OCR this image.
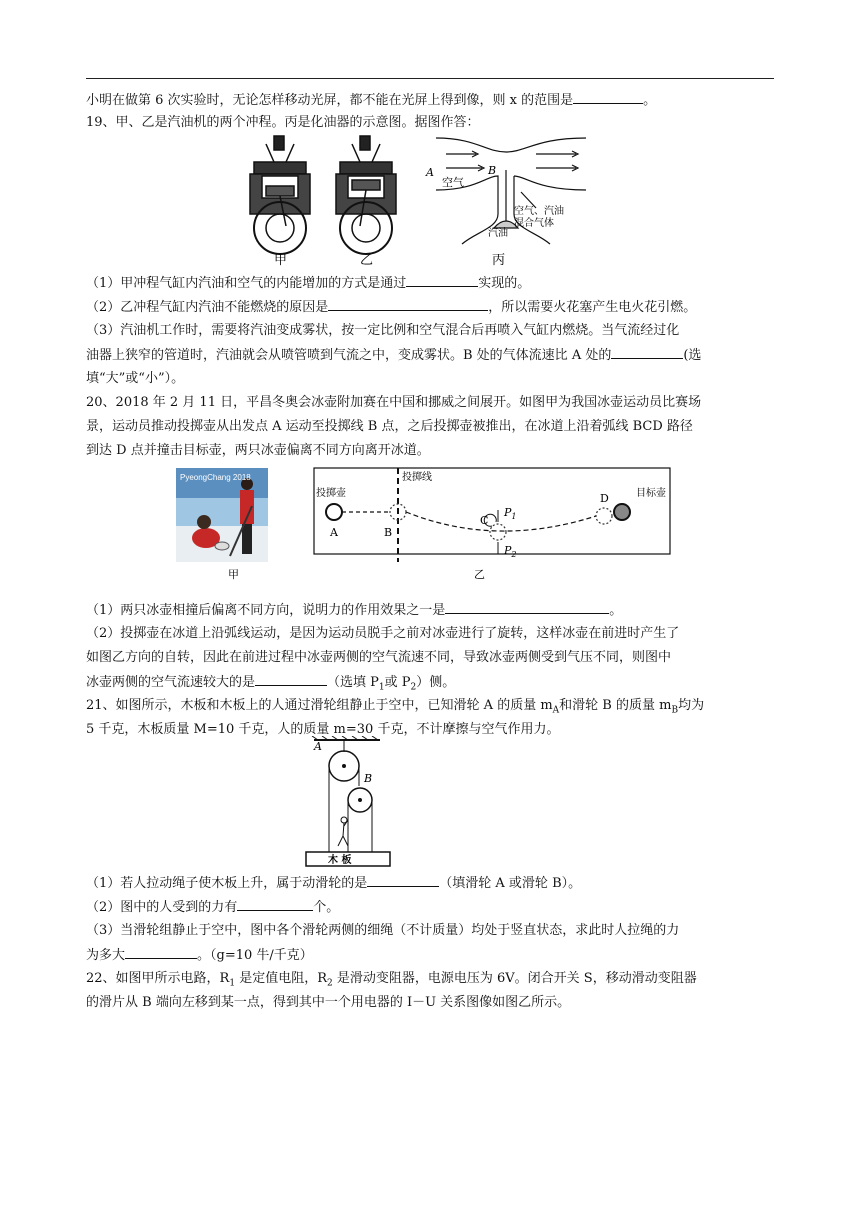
小明在做第 6 次实验时，无论怎样移动光屏，都不能在光屏上得到像，则 x 的范围是	。
19、甲、乙是汽油机的两个冲程。丙是化油器的示意图。据图作答：
甲	乙
A	B
空气
空气、汽油
混合气体
汽油
丙
（1）甲冲程气缸内汽油和空气的内能增加的方式是通过	实现的。
（2）乙冲程气缸内汽油不能燃烧的原因是	，所以需要火花塞产生电火花引燃。
（3）汽油机工作时，需要将汽油变成雾状，按一定比例和空气混合后再喷入气缸内燃烧。当气流经过化
油器上狭窄的管道时，汽油就会从喷管喷到气流之中，变成雾状。B 处的气体流速比 A 处的	(选
填“大”或“小”）。
20、2018 年 2 月 11 日，平昌冬奥会冰壶附加赛在中国和挪威之间展开。如图甲为我国冰壶运动员比赛场
景，运动员推动投掷壶从出发点 A 运动至投掷线 B 点，之后投掷壶被推出，在冰道上沿着弧线 BCD 路径
到达 D 点并撞击目标壶，两只冰壶偏离不同方向离开冰道。
PyeongChang 2018
甲
投掷壶
投掷线
目标壶
A	B
C
D
$P_1$
$P_2$
乙
（1）两只冰壶相撞后偏离不同方向，说明力的作用效果之一是	。
（2）投掷壶在冰道上沿弧线运动，是因为运动员脱手之前对冰壶进行了旋转，这样冰壶在前进时产生了
如图乙方向的自转，因此在前进过程中冰壶两侧的空气流速不同，导致冰壶两侧受到气压不同，则图中
冰壶两侧的空气流速较大的是	（选填 $P_1$或 $P_2$）侧。
21、如图所示，木板和木板上的人通过滑轮组静止于空中，已知滑轮 A 的质量 $m_A$和滑轮 B 的质量 $m_B$均为
5 千克，木板质量 M=10 千克，人的质量 m=30 千克，不计摩擦与空气作用力。
A
B
木 板
（1）若人拉动绳子使木板上升，属于动滑轮的是	（填滑轮 A 或滑轮 B）。
（2）图中的人受到的力有	个。
（3）当滑轮组静止于空中，图中各个滑轮两侧的细绳（不计质量）均处于竖直状态，求此时人拉绳的力
为多大	。（g=10 牛/千克）
22、如图甲所示电路，$R_1$ 是定值电阻，$R_2$ 是滑动变阻器，电源电压为 6V。闭合开关 S，移动滑动变阻器
的滑片从 B 端向左移到某一点，得到其中一个用电器的 I－U 关系图像如图乙所示。
